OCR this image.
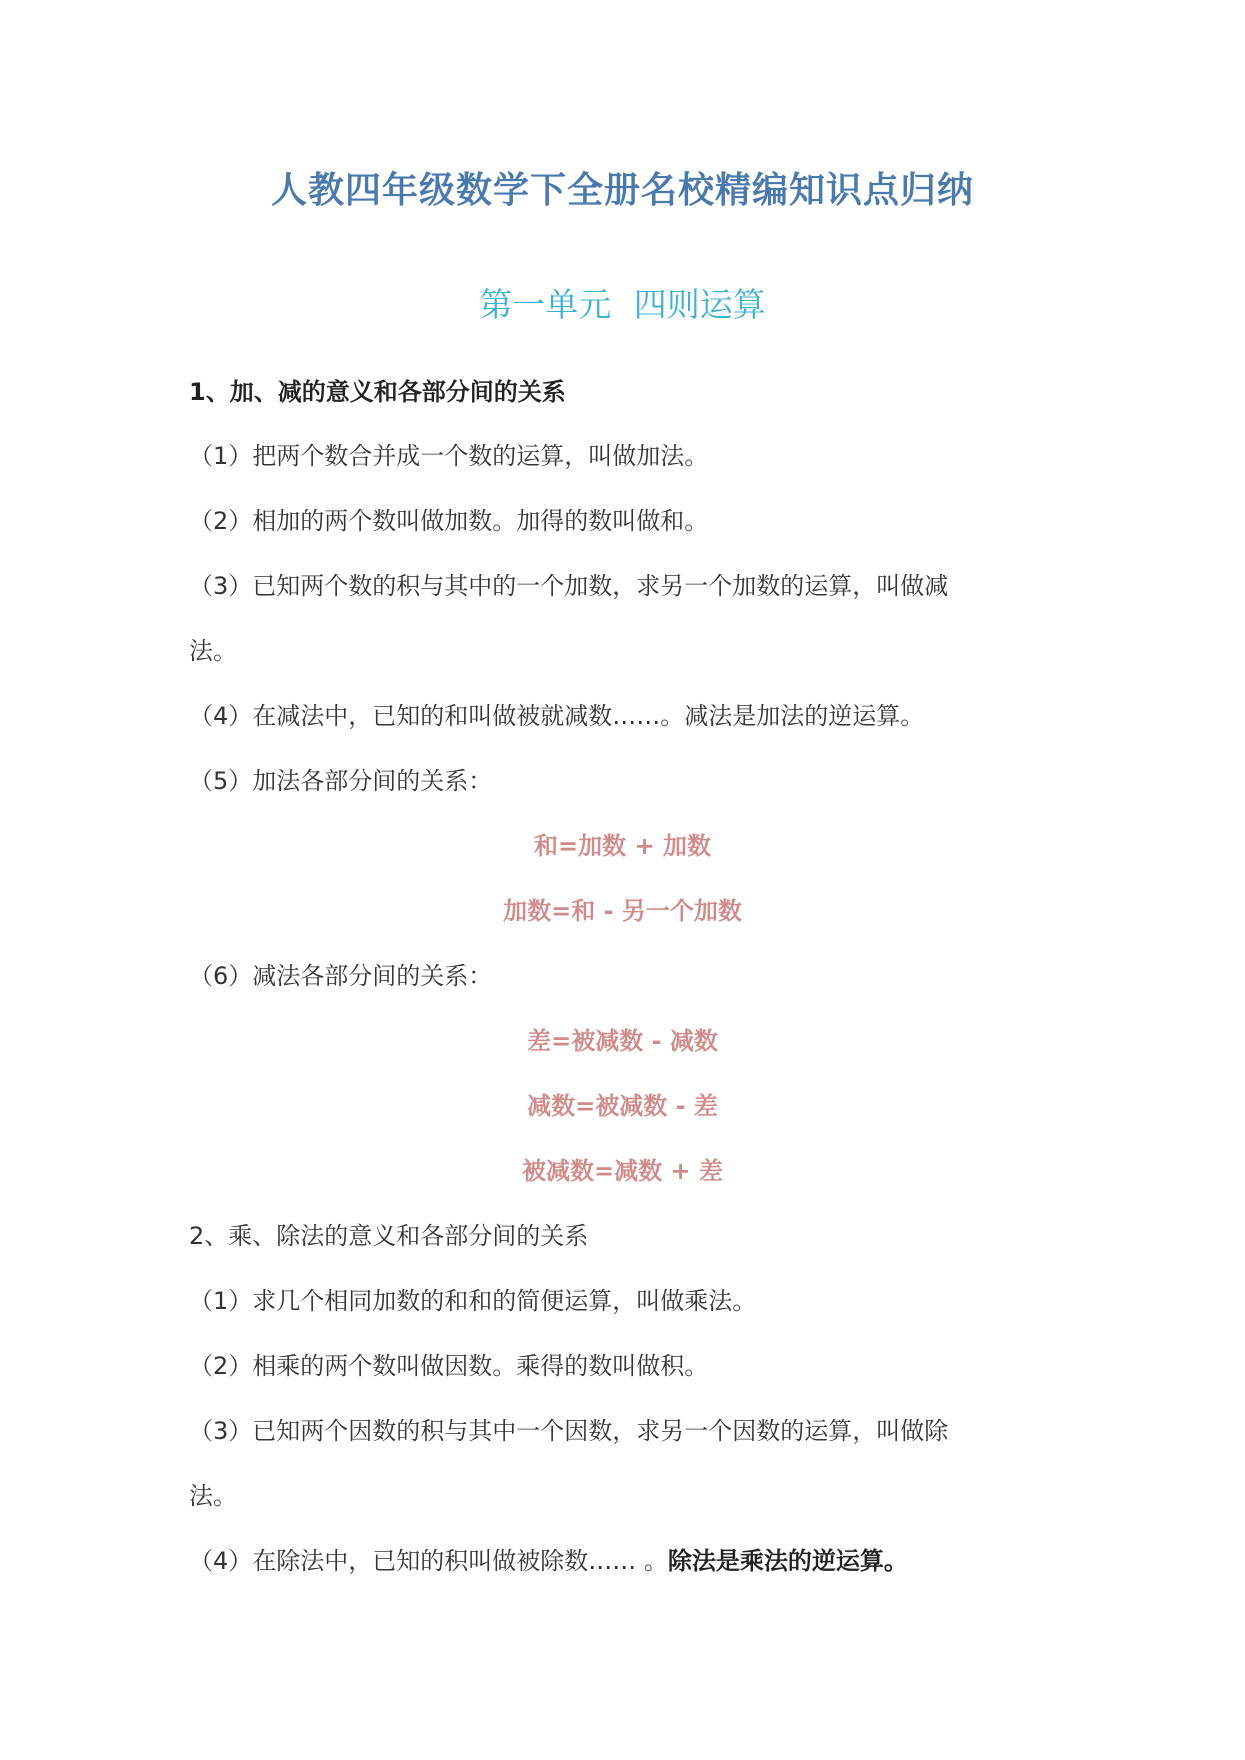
人教四年级数学下全册名校精编知识点归纳
第一单元 四则运算
1、加、减的意义和各部分间的关系
（1）把两个数合并成一个数的运算，叫做加法。
（2）相加的两个数叫做加数。加得的数叫做和。
（3）已知两个数的积与其中的一个加数，求另一个加数的运算，叫做减
法。
（4）在减法中，已知的和叫做被就减数……。减法是加法的逆运算。
（5）加法各部分间的关系：
和=加数 + 加数
加数=和 - 另一个加数
（6）减法各部分间的关系：
差=被减数 - 减数
减数=被减数 - 差
被减数=减数 + 差
2、乘、除法的意义和各部分间的关系
（1）求几个相同加数的和和的简便运算，叫做乘法。
（2）相乘的两个数叫做因数。乘得的数叫做积。
（3）已知两个因数的积与其中一个因数，求另一个因数的运算，叫做除
法。
（4）在除法中，已知的积叫做被除数…… 。除法是乘法的逆运算。
